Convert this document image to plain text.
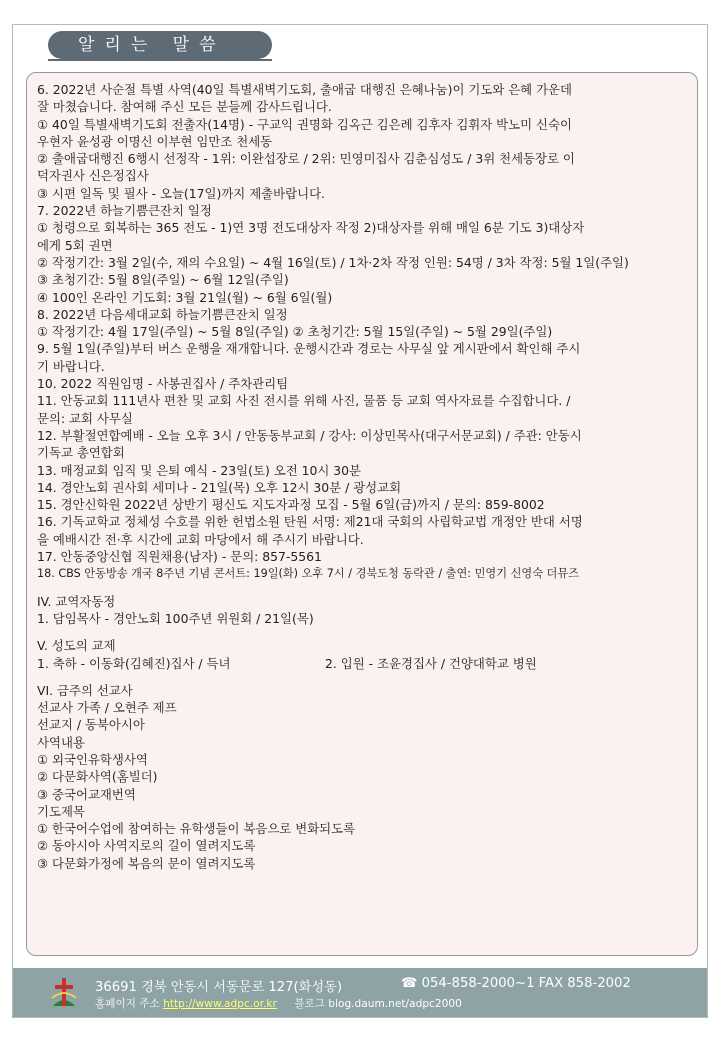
알리는 말씀
6. 2022년 사순절 특별 사역(40일 특별새벽기도회, 출애굽 대행진 은혜나눔)이 기도와 은혜 가운데
잘 마쳤습니다. 참여해 주신 모든 분들께 감사드립니다.
① 40일 특별새벽기도회 전출자(14명) - 구교익 권명화 김옥근 김은례 김후자 김휘자 박노미 신숙이
우현자 윤성광 이명신 이부현 임만조 천세동
② 출애굽대행진 6행시 선정작 - 1위: 이완섭장로 / 2위: 민영미집사 김춘심성도 / 3위 천세동장로 이
덕자권사 신은정집사
③ 시편 일독 및 필사 - 오늘(17일)까지 제출바랍니다.
7. 2022년 하늘기쁨큰잔치 일정
① 청령으로 회복하는 365 전도 - 1)연 3명 전도대상자 작정 2)대상자를 위해 매일 6분 기도 3)대상자
에게 5회 권면
② 작정기간: 3월 2일(수, 재의 수요일) ~ 4월 16일(토) / 1차·2차 작정 인원: 54명 / 3차 작정: 5월 1일(주일)
③ 초청기간: 5월 8일(주일) ~ 6월 12일(주일)
④ 100인 온라인 기도회: 3월 21일(월) ~ 6월 6일(월)
8. 2022년 다음세대교회 하늘기쁨큰잔치 일정
① 작정기간: 4월 17일(주일) ~ 5월 8일(주일) ② 초청기간: 5월 15일(주일) ~ 5월 29일(주일)
9. 5월 1일(주일)부터 버스 운행을 재개합니다. 운행시간과 경로는 사무실 앞 게시판에서 확인해 주시
기 바랍니다.
10. 2022 직원임명 - 사봉권집사 / 주차관리팀
11. 안동교회 111년사 편찬 및 교회 사진 전시를 위해 사진, 물품 등 교회 역사자료를 수집합니다. /
문의: 교회 사무실
12. 부활절연합예배 - 오늘 오후 3시 / 안동동부교회 / 강사: 이상민목사(대구서문교회) / 주관: 안동시
기독교 총연합회
13. 매정교회 임직 및 은퇴 예식 - 23일(토) 오전 10시 30분
14. 경안노회 권사회 세미나 - 21일(목) 오후 12시 30분 / 광성교회
15. 경안신학원 2022년 상반기 평신도 지도자과정 모집 - 5월 6일(금)까지 / 문의: 859-8002
16. 기독교학교 정체성 수호를 위한 헌법소원 탄원 서명: 제21대 국회의 사립학교법 개정안 반대 서명
을 예배시간 전·후 시간에 교회 마당에서 해 주시기 바랍니다.
17. 안동중앙신협 직원채용(남자) - 문의: 857-5561
18. CBS 안동방송 개국 8주년 기념 콘서트: 19일(화) 오후 7시 / 경북도청 동락관 / 출연: 민영기 신영숙 더뮤즈
IV. 교역자동정
1. 담임목사 - 경안노회 100주년 위원회 / 21일(목)
V. 성도의 교제
1. 축하 - 이동화(김혜진)집사 / 득녀	2. 입원 - 조윤경집사 / 건양대학교 병원
VI. 금주의 선교사
선교사 가족 / 오현주 제프
선교지 / 동북아시아
사역내용
① 외국인유학생사역
② 다문화사역(홈빌더)
③ 중국어교재번역
기도제목
① 한국어수업에 참여하는 유학생들이 복음으로 변화되도록
② 동아시아 사역지로의 길이 열려지도록
③ 다문화가정에 복음의 문이 열려지도록
36691 경북 안동시 서동문로 127(화성동)	☎ 054-858-2000~1 FAX 858-2002
홈페이지 주소 http://www.adpc.or.kr 블로그 blog.daum.net/adpc2000
